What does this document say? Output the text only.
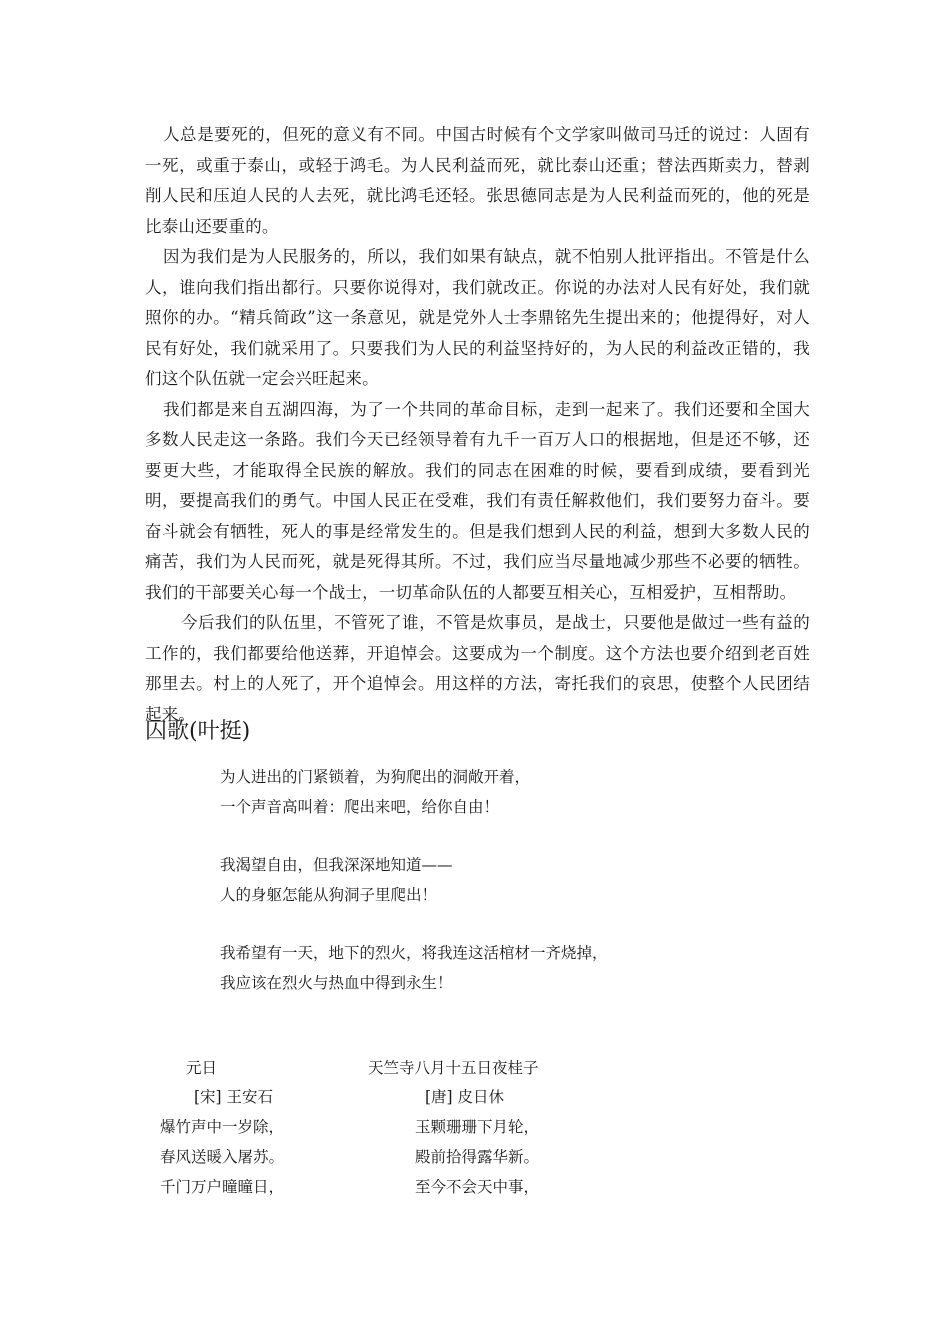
人总是要死的，但死的意义有不同。中国古时候有个文学家叫做司马迁的说过：人固有一死，或重于泰山，或轻于鸿毛。为人民利益而死，就比泰山还重；替法西斯卖力，替剥削人民和压迫人民的人去死，就比鸿毛还轻。张思德同志是为人民利益而死的，他的死是比泰山还要重的。

因为我们是为人民服务的，所以，我们如果有缺点，就不怕别人批评指出。不管是什么人，谁向我们指出都行。只要你说得对，我们就改正。你说的办法对人民有好处，我们就照你的办。“精兵简政”这一条意见，就是党外人士李鼎铭先生提出来的；他提得好，对人民有好处，我们就采用了。只要我们为人民的利益坚持好的，为人民的利益改正错的，我们这个队伍就一定会兴旺起来。

我们都是来自五湖四海，为了一个共同的革命目标，走到一起来了。我们还要和全国大多数人民走这一条路。我们今天已经领导着有九千一百万人口的根据地，但是还不够，还要更大些，才能取得全民族的解放。我们的同志在困难的时候，要看到成绩，要看到光明，要提高我们的勇气。中国人民正在受难，我们有责任解救他们，我们要努力奋斗。要奋斗就会有牺牲，死人的事是经常发生的。但是我们想到人民的利益，想到大多数人民的痛苦，我们为人民而死，就是死得其所。不过，我们应当尽量地减少那些不必要的牺牲。我们的干部要关心每一个战士，一切革命队伍的人都要互相关心，互相爱护，互相帮助。

今后我们的队伍里，不管死了谁，不管是炊事员，是战士，只要他是做过一些有益的工作的，我们都要给他送葬，开追悼会。这要成为一个制度。这个方法也要介绍到老百姓那里去。村上的人死了，开个追悼会。用这样的方法，寄托我们的哀思，使整个人民团结起来。

囚歌(叶挺)
为人进出的门紧锁着，为狗爬出的洞敞开着，
一个声音高叫着：爬出来吧，给你自由！
我渴望自由，但我深深地知道——
人的身躯怎能从狗洞子里爬出！
我希望有一天，地下的烈火，将我连这活棺材一齐烧掉，
我应该在烈火与热血中得到永生！
元日	天竺寺八月十五日夜桂子
[宋] 王安石	[唐] 皮日休
爆竹声中一岁除，	玉颗珊珊下月轮，
春风送暖入屠苏。	殿前拾得露华新。
千门万户曈曈日，	至今不会天中事，
